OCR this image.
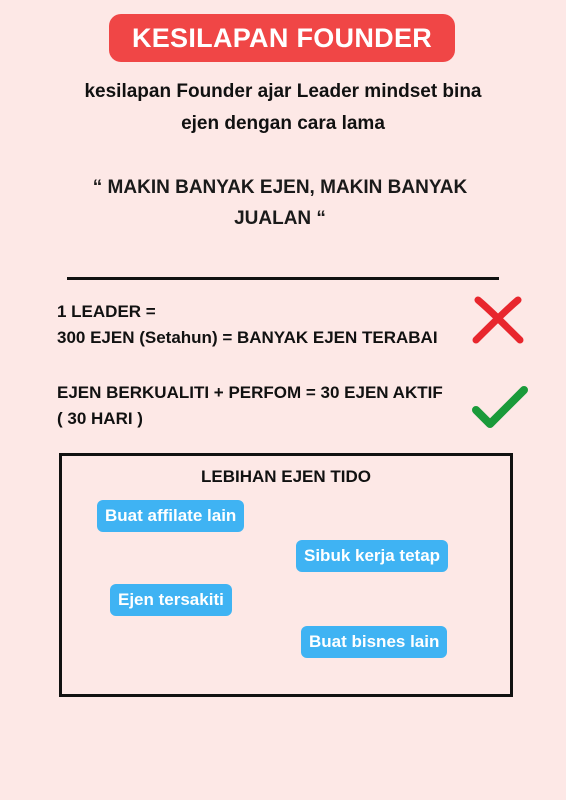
KESILAPAN FOUNDER
kesilapan Founder ajar Leader mindset bina
ejen dengan cara lama
“ MAKIN BANYAK EJEN, MAKIN BANYAK
JUALAN “
1 LEADER =
300 EJEN (Setahun) = BANYAK EJEN TERABAI
EJEN BERKUALITI + PERFOM = 30 EJEN AKTIF
( 30 HARI )
LEBIHAN EJEN TIDO
Buat affilate lain
Sibuk kerja tetap
Ejen tersakiti
Buat bisnes lain
